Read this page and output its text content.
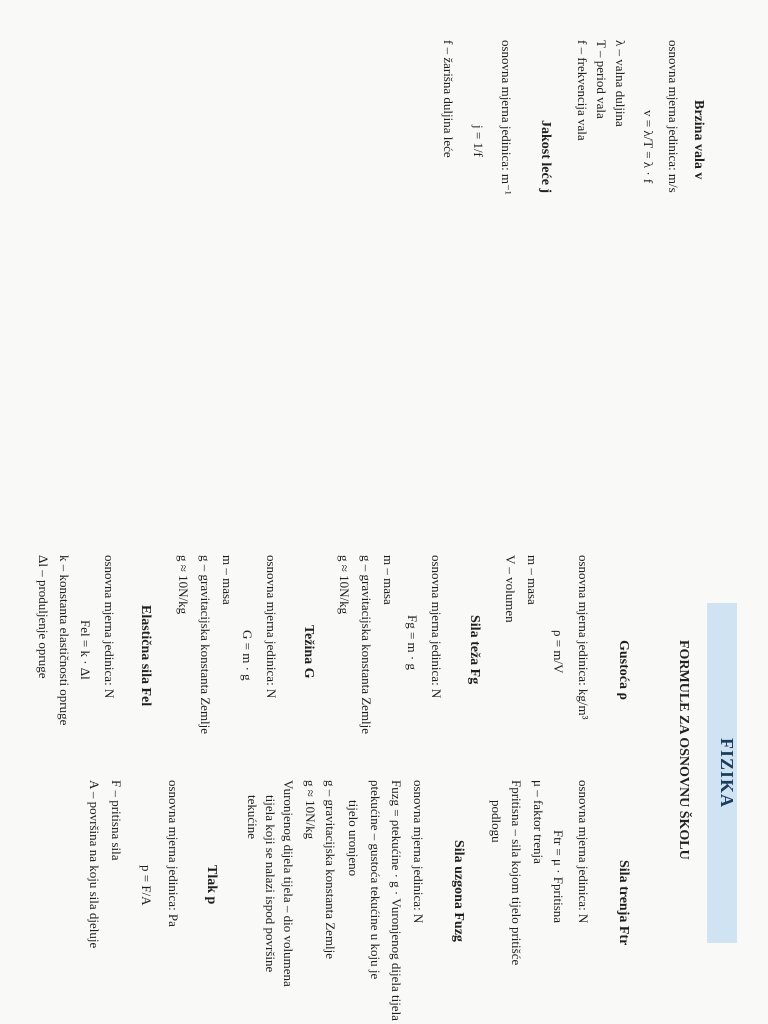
FIZIKA
FORMULE ZA OSNOVNU ŠKOLU
Brzina vala v
osnovna mjerna jedinica: m/s
v = λ/T = λ · f
λ – valna duljina
T – period vala
f – frekvencija vala
Jakost leće j
osnovna mjerna jedinica: m⁻¹
j = 1/f
f – žarišna duljina leće
Gustoća ρ
osnovna mjerna jedinica: kg/m³
ρ = m/V
m – masa
V – volumen
Sila teža Fg
osnovna mjerna jedinica: N
Fg = m · g
m – masa
g – gravitacijska konstanta Zemlje
g ≈ 10N/kg
Težina G
osnovna mjerna jedinica: N
G = m · g
m – masa
g – gravitacijska konstanta Zemlje
g ≈ 10N/kg
Elastična sila Fel
osnovna mjerna jedinica: N
Fel = k · Δl
k – konstanta elastičnosti opruge
Δl – produljenje opruge
Sila trenja Ftr
osnovna mjerna jedinica: N
Ftr = μ · Fpritisna
μ – faktor trenja
Fpritisna – sila kojom tijelo pritišće
podlogu
Sila uzgona Fuzg
osnovna mjerna jedinica: N
Fuzg = ρtekućine · g · Vuronjenog dijela tijela
ρtekućine – gustoća tekućine u koju je
tijelo uronjeno
g – gravitacijska konstanta Zemlje
g ≈ 10N/kg
Vuronjenog dijela tijela – dio volumena
tijela koji se nalazi ispod površine
tekućine
Tlak p
osnovna mjerna jedinica: Pa
p = F/A
F – pritisna sila
A – površina na koju sila djeluje
